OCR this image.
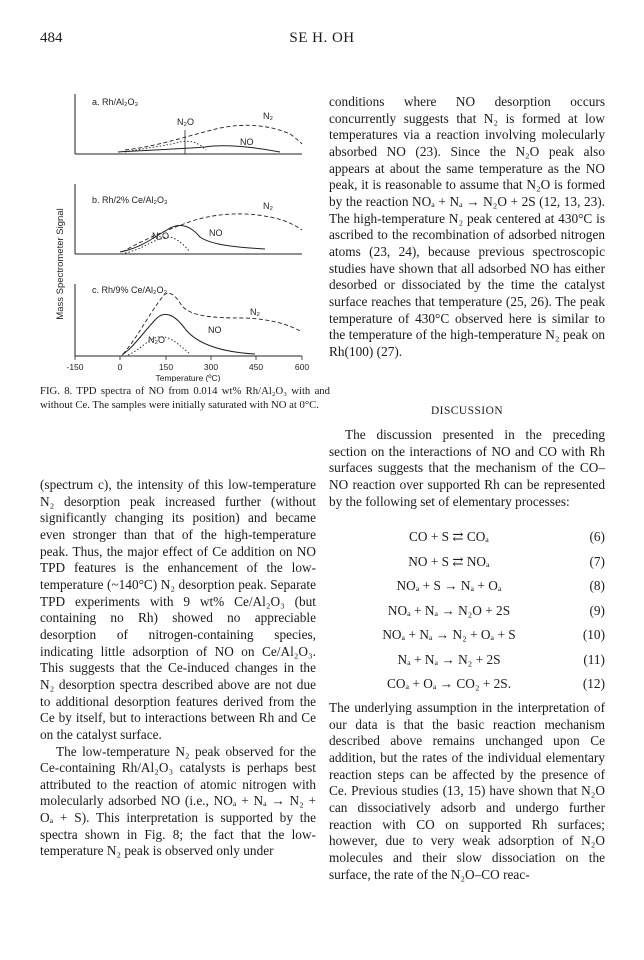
484	SE H. OH
Mass Spectrometer Signal
a. Rh/Al₂O₃
N₂O
N₂
NO
b. Rh/2% Ce/Al₂O₃
N₂
N₂O	NO
c. Rh/9% Ce/Al₂O₃
N₂
NO
N₂O
-150	0	150	300	450	600
Temperature (ºC)
FIG. 8. TPD spectra of NO from 0.014 wt% Rh/Al₂O₃ with and without Ce. The samples were initially saturated with NO at 0°C.

(spectrum c), the intensity of this low-temperature N₂ desorption peak increased further (without significantly changing its position) and became even stronger than that of the high-temperature peak. Thus, the major effect of Ce addition on NO TPD features is the enhancement of the low-temperature (~140°C) N₂ desorption peak. Separate TPD experiments with 9 wt% Ce/Al₂O₃ (but containing no Rh) showed no appreciable desorption of nitrogen-containing species, indicating little adsorption of NO on Ce/Al₂O₃. This suggests that the Ce-induced changes in the N₂ desorption spectra described above are not due to additional desorption features derived from the Ce by itself, but to interactions between Rh and Ce on the catalyst surface.

The low-temperature N₂ peak observed for the Ce-containing Rh/Al₂O₃ catalysts is perhaps best attributed to the reaction of atomic nitrogen with molecularly adsorbed NO (i.e., NOₐ + Nₐ → N₂ + Oₐ + S). This interpretation is supported by the spectra shown in Fig. 8; the fact that the low-temperature N₂ peak is observed only under

conditions where NO desorption occurs concurrently suggests that N₂ is formed at low temperatures via a reaction involving molecularly absorbed NO (23). Since the N₂O peak also appears at about the same temperature as the NO peak, it is reasonable to assume that N₂O is formed by the reaction NOₐ + Nₐ → N₂O + 2S (12, 13, 23). The high-temperature N₂ peak centered at 430°C is ascribed to the recombination of adsorbed nitrogen atoms (23, 24), because previous spectroscopic studies have shown that all adsorbed NO has either desorbed or dissociated by the time the catalyst surface reaches that temperature (25, 26). The peak temperature of 430°C observed here is similar to the temperature of the high-temperature N₂ peak on Rh(100) (27).

DISCUSSION

The discussion presented in the preceding section on the interactions of NO and CO with Rh surfaces suggests that the mechanism of the CO–NO reaction over supported Rh can be represented by the following set of elementary processes:

CO + S ⇄ COₐ	(6)
NO + S ⇄ NOₐ	(7)
NOₐ + S → Nₐ + Oₐ	(8)
NOₐ + Nₐ → N₂O + 2S	(9)
NOₐ + Nₐ → N₂ + Oₐ + S	(10)
Nₐ + Nₐ → N₂ + 2S	(11)
COₐ + Oₐ → CO₂ + 2S.	(12)

The underlying assumption in the interpretation of our data is that the basic reaction mechanism described above remains unchanged upon Ce addition, but the rates of the individual elementary reaction steps can be affected by the presence of Ce. Previous studies (13, 15) have shown that N₂O can dissociatively adsorb and undergo further reaction with CO on supported Rh surfaces; however, due to very weak adsorption of N₂O molecules and their slow dissociation on the surface, the rate of the N₂O–CO reac-
